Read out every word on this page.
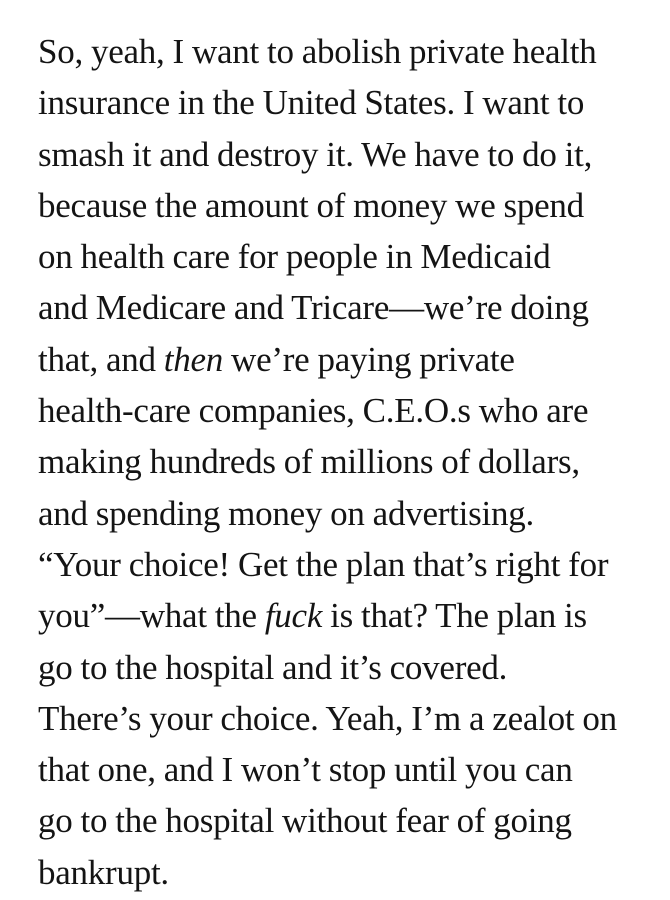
So, yeah, I want to abolish private health
insurance in the United States. I want to
smash it and destroy it. We have to do it,
because the amount of money we spend
on health care for people in Medicaid
and Medicare and Tricare—we’re doing
that, and then we’re paying private
health-care companies, C.E.O.s who are
making hundreds of millions of dollars,
and spending money on advertising.
“Your choice! Get the plan that’s right for
you”—what the fuck is that? The plan is
go to the hospital and it’s covered.
There’s your choice. Yeah, I’m a zealot on
that one, and I won’t stop until you can
go to the hospital without fear of going
bankrupt.
